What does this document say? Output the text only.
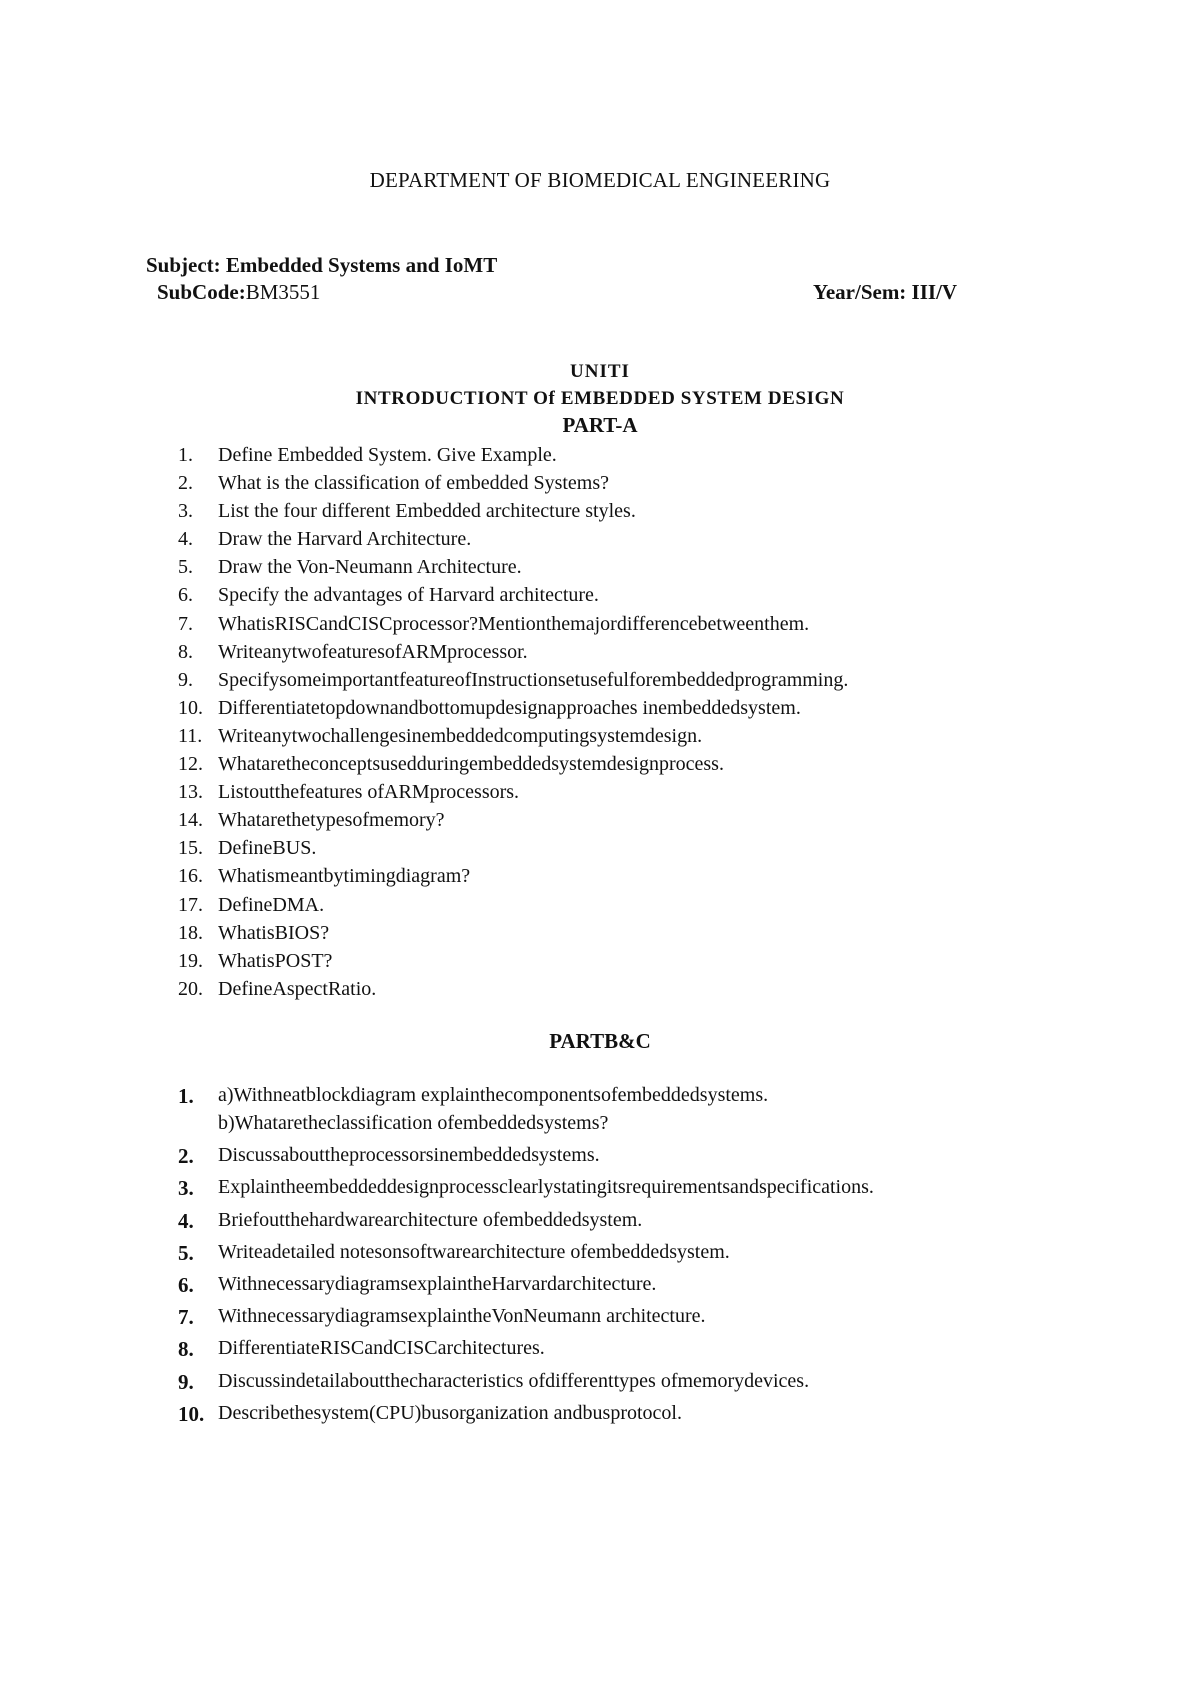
DEPARTMENT OF BIOMEDICAL ENGINEERING
Subject: Embedded Systems and IoMT
SubCode:BM3551	Year/Sem: III/V
UNITI
INTRODUCTIONT Of EMBEDDED SYSTEM DESIGN
PART-A
1. Define Embedded System. Give Example.
2. What is the classification of embedded Systems?
3. List the four different Embedded architecture styles.
4. Draw the Harvard Architecture.
5. Draw the Von-Neumann Architecture.
6. Specify the advantages of Harvard architecture.
7. WhatisRISCandCISCprocessor?Mentionthemajordifferencebetweenthem.
8. WriteanytwofeaturesofARMprocessor.
9. SpecifysomeimportantfeatureofInstructionsetusefulforembeddedprogramming.
10. Differentiatetopdownandbottomupdesignapproaches inembeddedsystem.
11. Writeanytwochallengesinembeddedcomputingsystemdesign.
12. Whataretheconceptsusedduringembeddedsystemdesignprocess.
13. Listoutthefeatures ofARMprocessors.
14. Whatarethetypesofmemory?
15. DefineBUS.
16. Whatismeantbytimingdiagram?
17. DefineDMA.
18. WhatisBIOS?
19. WhatisPOST?
20. DefineAspectRatio.
PARTB&C
1.	a)Withneatblockdiagram explainthecomponentsofembeddedsystems.
b)Whataretheclassification ofembeddedsystems?
2.	Discussabouttheprocessorsinembeddedsystems.
3.	Explaintheembeddeddesignprocessclearlystatingitsrequirementsandspecifications.
4.	Briefoutthehardwarearchitecture ofembeddedsystem.
5.	Writeadetailed notesonsoftwarearchitecture ofembeddedsystem.
6.	WithnecessarydiagramsexplaintheHarvardarchitecture.
7.	WithnecessarydiagramsexplaintheVonNeumann architecture.
8.	DifferentiateRISCandCISCarchitectures.
9.	Discussindetailaboutthecharacteristics ofdifferenttypes ofmemorydevices.
10. Describethesystem(CPU)busorganization andbusprotocol.
